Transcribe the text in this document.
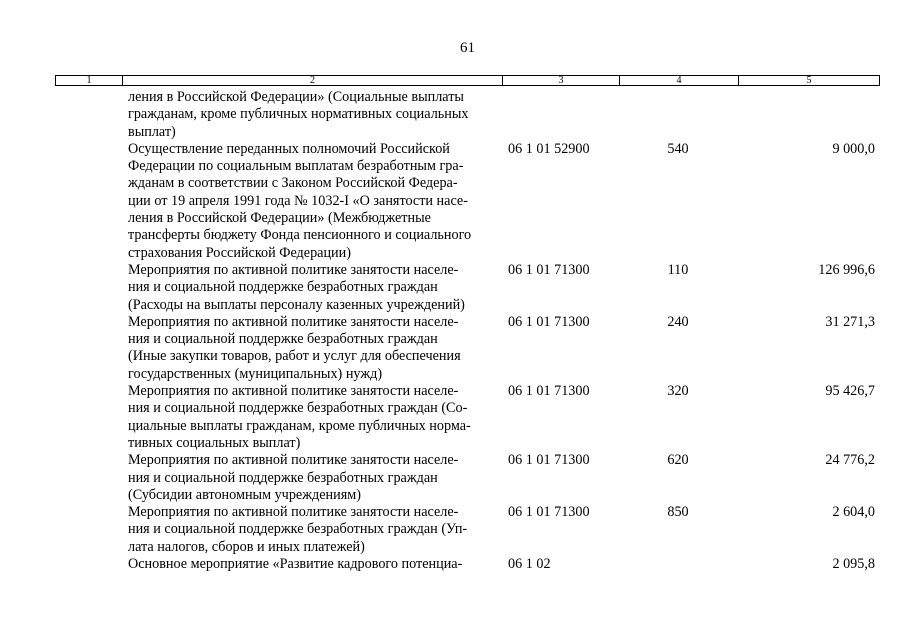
61
1	2	3	4	5
ления в Российской Федерации» (Социальные выплаты
гражданам, кроме публичных нормативных социальных
выплат)
Осуществление переданных полномочий Российской
Федерации по социальным выплатам безработным гра-
жданам в соответствии с Законом Российской Федера-
ции от 19 апреля 1991 года № 1032-I «О занятости насе-
ления в Российской Федерации» (Межбюджетные
трансферты бюджету Фонда пенсионного и социального
страхования Российской Федерации)
06 1 01 52900	540	9 000,0
Мероприятия по активной политике занятости населе-
ния и социальной поддержке безработных граждан
(Расходы на выплаты персоналу казенных учреждений)
06 1 01 71300	110	126 996,6
Мероприятия по активной политике занятости населе-
ния и социальной поддержке безработных граждан
(Иные закупки товаров, работ и услуг для обеспечения
государственных (муниципальных) нужд)
06 1 01 71300	240	31 271,3
Мероприятия по активной политике занятости населе-
ния и социальной поддержке безработных граждан (Со-
циальные выплаты гражданам, кроме публичных норма-
тивных социальных выплат)
06 1 01 71300	320	95 426,7
Мероприятия по активной политике занятости населе-
ния и социальной поддержке безработных граждан
(Субсидии автономным учреждениям)
06 1 01 71300	620	24 776,2
Мероприятия по активной политике занятости населе-
ния и социальной поддержке безработных граждан (Уп-
лата налогов, сборов и иных платежей)
06 1 01 71300	850	2 604,0
Основное мероприятие «Развитие кадрового потенциа-	06 1 02	2 095,8
